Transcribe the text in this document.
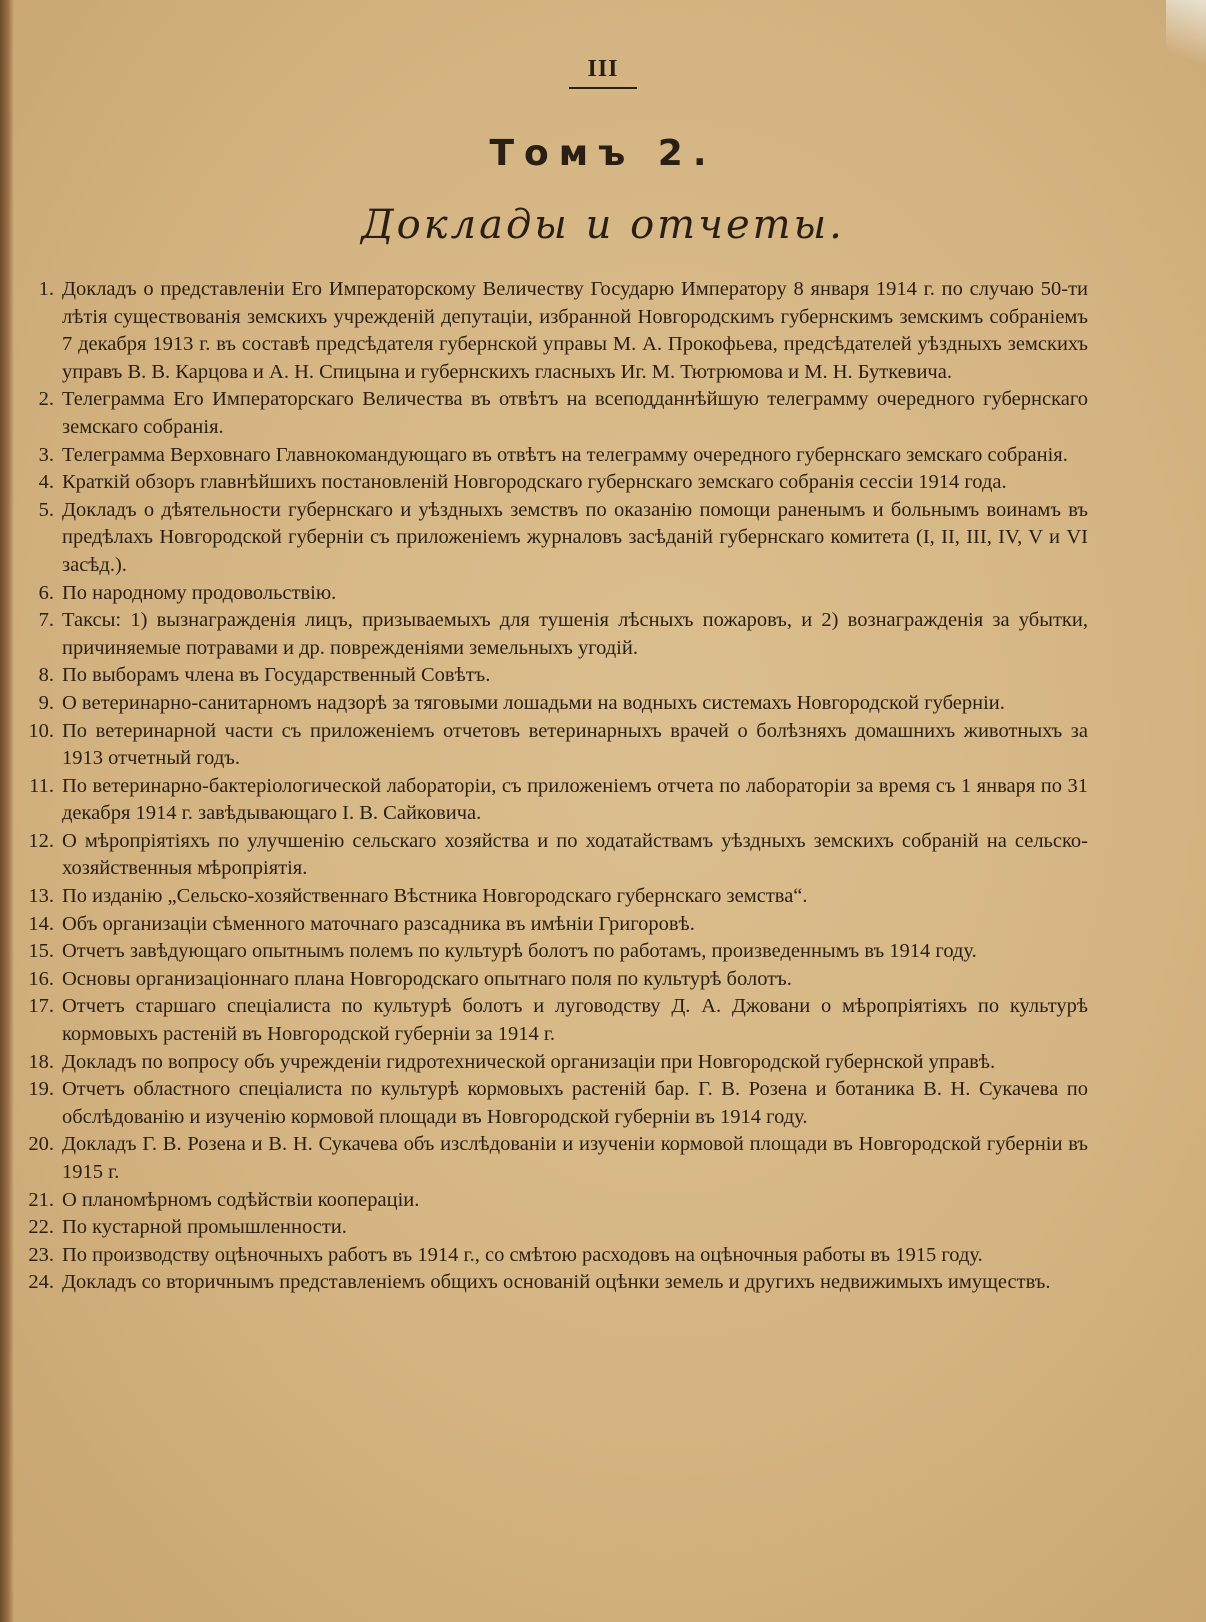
III
Томъ 2.
Доклады и отчеты.
1. Докладъ о представленіи Его Императорскому Величеству Государю Императору 8 января 1914 г. по случаю 50-ти лѣтія существованія земскихъ учрежденій депутаціи, избранной Новгородскимъ губернскимъ земскимъ собраніемъ 7 декабря 1913 г. въ составѣ предсѣдателя губернской управы М. А. Прокофьева, предсѣдателей уѣздныхъ земскихъ управъ В. В. Карцова и А. Н. Спицына и губернскихъ гласныхъ Иг. М. Тютрюмова и М. Н. Буткевича.
2. Телеграмма Его Императорскаго Величества въ отвѣтъ на всеподданнѣйшую телеграмму очередного губернскаго земскаго собранія.
3. Телеграмма Верховнаго Главнокомандующаго въ отвѣтъ на телеграмму очередного губернскаго земскаго собранія.
4. Краткій обзоръ главнѣйшихъ постановленій Новгородскаго губернскаго земскаго собранія сессіи 1914 года.
5. Докладъ о дѣятельности губернскаго и уѣздныхъ земствъ по оказанію помощи раненымъ и больнымъ воинамъ въ предѣлахъ Новгородской губерніи съ приложеніемъ журналовъ засѣданій губернскаго комитета (I, II, III, IV, V и VI засѣд.).
6. По народному продовольствію.
7. Таксы: 1) вызнагражденія лицъ, призываемыхъ для тушенія лѣсныхъ пожаровъ, и 2) вознагражденія за убытки, причиняемые потравами и др. поврежденіями земельныхъ угодій.
8. По выборамъ члена въ Государственный Совѣтъ.
9. О ветеринарно-санитарномъ надзорѣ за тяговыми лошадьми на водныхъ системахъ Новгородской губерніи.
10. По ветеринарной части съ приложеніемъ отчетовъ ветеринарныхъ врачей о болѣзняхъ домашнихъ животныхъ за 1913 отчетный годъ.
11. По ветеринарно-бактеріологической лабораторіи, съ приложеніемъ отчета по лабораторіи за время съ 1 января по 31 декабря 1914 г. завѣдывающаго I. В. Сайковича.
12. О мѣропріятіяхъ по улучшенію сельскаго хозяйства и по ходатайствамъ уѣздныхъ земскихъ собраній на сельско-хозяйственныя мѣропріятія.
13. По изданію „Сельско-хозяйственнаго Вѣстника Новгородскаго губернскаго земства“.
14. Объ организаціи сѣменного маточнаго разсадника въ имѣніи Григоровѣ.
15. Отчетъ завѣдующаго опытнымъ полемъ по культурѣ болотъ по работамъ, произведеннымъ въ 1914 году.
16. Основы организаціоннаго плана Новгородскаго опытнаго поля по культурѣ болотъ.
17. Отчетъ старшаго спеціалиста по культурѣ болотъ и луговодству Д. А. Джовани о мѣропріятіяхъ по культурѣ кормовыхъ растеній въ Новгородской губерніи за 1914 г.
18. Докладъ по вопросу объ учрежденіи гидротехнической организаціи при Новгородской губернской управѣ.
19. Отчетъ областного спеціалиста по культурѣ кормовыхъ растеній бар. Г. В. Розена и ботаника В. Н. Сукачева по обслѣдованію и изученію кормовой площади въ Новгородской губерніи въ 1914 году.
20. Докладъ Г. В. Розена и В. Н. Сукачева объ изслѣдованіи и изученіи кормовой площади въ Новгородской губерніи въ 1915 г.
21. О планомѣрномъ содѣйствіи коопераціи.
22. По кустарной промышленности.
23. По производству оцѣночныхъ работъ въ 1914 г., со смѣтою расходовъ на оцѣночныя работы въ 1915 году.
24. Докладъ со вторичнымъ представленіемъ общихъ основаній оцѣнки земель и другихъ недвижимыхъ имуществъ.
